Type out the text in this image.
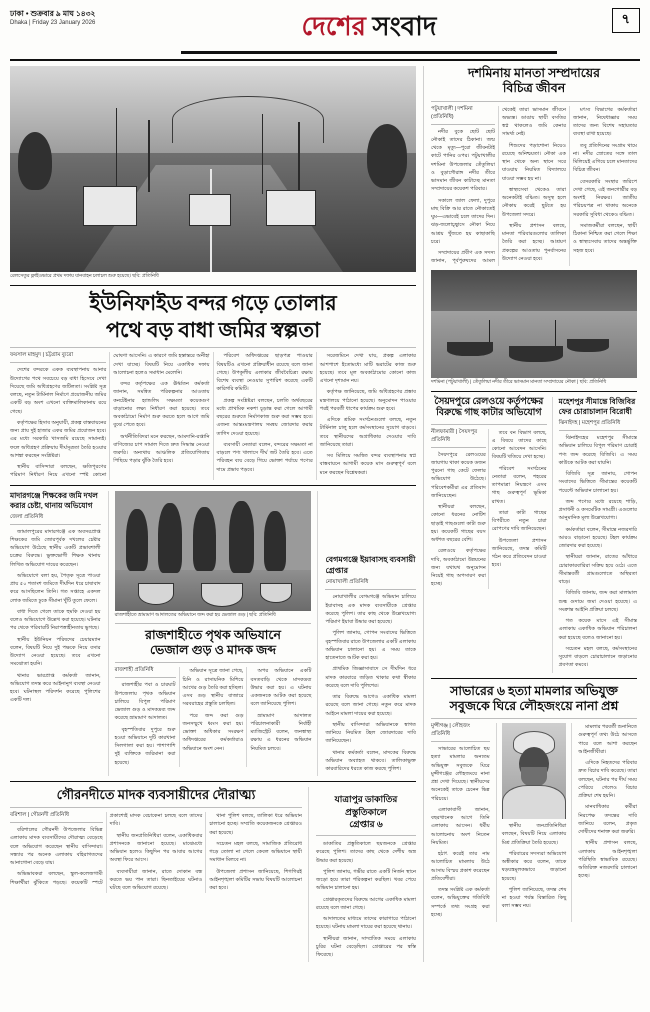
ঢাকা • শুক্রবার ৯ মাঘ ১৪৩২
Dhaka | Friday 23 January 2026	দেশের সংবাদ	৭
রেলসেতুর ফ্লাইওভারে প্রথম দফায় যানবাহন চলাচল শুরু হয়েছে। ছবি: প্রতিনিধি
ইউনিফাইড বন্দর গড়ে তোলার
পথে বড় বাধা জমির স্বল্পতা
ফয়সাল মাহমুদ | চট্টগ্রাম ব্যুরো

দেশের বন্দরকে একক ব্যবস্থাপনায় আনার উদ্যোগের পথে সবচেয়ে বড় বাধা হিসেবে দেখা দিয়েছে জমি অধিগ্রহণের জটিলতা। সংশ্লিষ্ট সূত্র বলছে, নতুন টার্মিনাল নির্মাণে প্রয়োজনীয় জমির একটি বড় অংশ এখনো ব্যক্তিমালিকানায় রয়ে গেছে।

কর্তৃপক্ষের হিসাব অনুযায়ী, প্রকল্প বাস্তবায়নের জন্য প্রায় দুই হাজার একর জমির প্রয়োজন হবে। এর মধ্যে সরকারি খাসজমি রয়েছে সামান্যই। ফলে অধিগ্রহণ প্রক্রিয়ায় দীর্ঘসূত্রতা তৈরি হওয়ার আশঙ্কা করছেন সংশ্লিষ্টরা।

স্থানীয় বাসিন্দারা বলছেন, ক্ষতিপূরণের পরিমাণ নির্ধারণ নিয়ে এখনো স্পষ্ট কোনো ঘোষণা আসেনি। এ কারণে জমি হস্তান্তরে অনীহা দেখা যাচ্ছে। বিষয়টি নিয়ে একাধিক দফায় আলোচনা হলেও সমাধান মেলেনি।

বন্দর কর্তৃপক্ষের এক ঊর্ধ্বতন কর্মকর্তা জানান, সমন্বিত পরিকল্পনার আওতায় কনটেইনার হ্যান্ডলিং সক্ষমতা কয়েকগুণ বাড়ানোর লক্ষ্য নির্ধারণ করা হয়েছে। তবে অবকাঠামো নির্মাণ শুরু করতে হলে আগে জমি বুঝে পেতে হবে।

অর্থনীতিবিদরা মনে করছেন, আমদানি-রপ্তানি বাণিজ্যের চাপ সামাল দিতে দ্রুত সিদ্ধান্ত নেওয়া জরুরি। অন্যথায় আঞ্চলিক প্রতিযোগিতায় পিছিয়ে পড়ার ঝুঁকি তৈরি হবে।

পরিবেশ অধিদপ্তরের ছাড়পত্র পাওয়ার বিষয়টিও এখনো প্রক্রিয়াধীন রয়েছে বলে জানা গেছে। উপকূলীয় এলাকার জীববৈচিত্র্য রক্ষায় বিশেষ ব্যবস্থা নেওয়ার সুপারিশ করেছে একটি কারিগরি কমিটি।

প্রকল্প সংশ্লিষ্টরা বলছেন, চলতি অর্থবছরের মধ্যে প্রাথমিক নকশা চূড়ান্ত করা গেলে আগামী বছরের শুরুতে নির্মাণকাজ শুরু করা সম্ভব হবে। এজন্য আন্তঃমন্ত্রণালয় সমন্বয় জোরদার করার তাগিদ দেওয়া হয়েছে।

ব্যবসায়ী নেতারা বলেন, বন্দরের সক্ষমতা না বাড়লে পণ্য খালাসে দীর্ঘ জট তৈরি হবে। এতে পরিবহন ব্যয় বেড়ে গিয়ে ভোক্তা পর্যায়ে পণ্যের দামে প্রভাব পড়বে।

সরেজমিনে দেখা যায়, প্রকল্প এলাকার আশপাশে ইতোমধ্যে মাটি ভরাটের কাজ শুরু হয়েছে। তবে মূল অবকাঠামোর কোনো কাজ এখনো দৃশ্যমান নয়।

কর্তৃপক্ষ জানিয়েছে, জমি অধিগ্রহণের প্রস্তাব মন্ত্রণালয়ে পাঠানো হয়েছে। অনুমোদন পাওয়ার পরই পরবর্তী ধাপের কার্যক্রম শুরু হবে।

এদিকে শ্রমিক সংগঠনগুলো বলছে, নতুন টার্মিনাল চালু হলে কর্মসংস্থানের সুযোগ বাড়বে। তবে স্থানীয়দের অগ্রাধিকার দেওয়ার দাবি জানিয়েছে তারা।

সব মিলিয়ে সমন্বিত বন্দর ব্যবস্থাপনার স্বপ্ন বাস্তবায়নে আগামী কয়েক মাস গুরুত্বপূর্ণ বলে মনে করছেন বিশ্লেষকরা।

মাদারগঞ্জে শিক্ষকের জমি দখল করার চেষ্টা, থানায় অভিযোগ
জেলা প্রতিনিধি

জামালপুরের মাদারগঞ্জে এক অবসরপ্রাপ্ত শিক্ষকের জমি জোরপূর্বক দখলের চেষ্টার অভিযোগ উঠেছে স্থানীয় একটি প্রভাবশালী চক্রের বিরুদ্ধে। ভুক্তভোগী শিক্ষক থানায় লিখিত অভিযোগ দায়ের করেছেন।

অভিযোগে বলা হয়, পৈতৃক সূত্রে পাওয়া প্রায় ৫০ শতাংশ জমিতে দীর্ঘদিন ধরে চাষাবাদ করে আসছিলেন তিনি। গত সপ্তাহে একদল লোক জমিতে ঢুকে সীমানা খুঁটি তুলে ফেলে।

বাধা দিতে গেলে তাকে হুমকি দেওয়া হয় বলেও অভিযোগে উল্লেখ করা হয়েছে। ঘটনার পর থেকে পরিবারটি নিরাপত্তাহীনতায় ভুগছে।

স্থানীয় ইউনিয়ন পরিষদের চেয়ারম্যান বলেন, বিষয়টি নিয়ে দুই পক্ষকে নিয়ে বসার উদ্যোগ নেওয়া হয়েছে। তবে এখনো সমঝোতা হয়নি।

থানার ভারপ্রাপ্ত কর্মকর্তা জানান, অভিযোগ তদন্ত করে আইনানুগ ব্যবস্থা নেওয়া হবে। ঘটনাস্থল পরিদর্শন করেছে পুলিশের একটি দল।

রাজশাহীতে ভ্রাম্যমাণ আদালতের অভিযানে জব্দ করা হয় ভেজাল গুড় | ছবি: প্রতিনিধি
রাজশাহীতে পৃথক অভিযানে
ভেজাল গুড় ও মাদক জব্দ
রাজশাহী প্রতিনিধি

রাজশাহীর পবা ও চারঘাট উপজেলায় পৃথক অভিযান চালিয়ে বিপুল পরিমাণ ভেজাল গুড় ও মাদকদ্রব্য জব্দ করেছে ভ্রাম্যমাণ আদালত।

বৃহস্পতিবার দুপুরে শুরু হওয়া অভিযানে দুটি কারখানা সিলগালা করা হয়। পাশাপাশি দুই ব্যক্তিকে জরিমানা করা হয়েছে।

অভিযান সূত্রে জানা গেছে, চিনি ও রাসায়নিক মিশিয়ে আখের গুড় তৈরি করা হচ্ছিল। এসব গুড় স্থানীয় বাজারে সরবরাহের প্রস্তুতি চলছিল।

পরে জব্দ করা গুড় জনসম্মুখে ধ্বংস করা হয়। ভোক্তা অধিকার সংরক্ষণ অধিদপ্তরের কর্মকর্তারাও অভিযানে অংশ নেন।

অপর অভিযানে একটি বসতবাড়ি থেকে মাদকদ্রব্য উদ্ধার করা হয়। এ ঘটনায় একজনকে আটক করা হয়েছে বলে জানিয়েছে পুলিশ।

ভ্রাম্যমাণ আদালত পরিচালনাকারী নির্বাহী ম্যাজিস্ট্রেট বলেন, জনস্বাস্থ্য রক্ষায় এ ধরনের অভিযান নিয়মিত চলবে।

বেগমগঞ্জে ইয়াবাসহ ব্যবসায়ী গ্রেপ্তার
নোয়াখালী প্রতিনিধি

নোয়াখালীর বেগমগঞ্জে অভিযান চালিয়ে ইয়াবাসহ এক মাদক ব্যবসায়ীকে গ্রেপ্তার করেছে পুলিশ। তার কাছ থেকে উল্লেখযোগ্য পরিমাণ ইয়াবা উদ্ধার করা হয়েছে।

পুলিশ জানায়, গোপন সংবাদের ভিত্তিতে বৃহস্পতিবার রাতে উপজেলার একটি এলাকায় অভিযান চালানো হয়। এ সময় তাকে হাতেনাতে আটক করা হয়।

প্রাথমিক জিজ্ঞাসাবাদে সে দীর্ঘদিন ধরে মাদক কারবারে জড়িত থাকার কথা স্বীকার করেছে বলে দাবি পুলিশের।

তার বিরুদ্ধে আগেও একাধিক মামলা রয়েছে বলে জানা গেছে। নতুন করে মাদক আইনে মামলা দায়ের করা হয়েছে।

স্থানীয় বাসিন্দারা অভিযানকে স্বাগত জানিয়ে নিয়মিত টহল জোরদারের দাবি জানিয়েছেন।

থানার কর্মকর্তা বলেন, মাদকের বিরুদ্ধে অভিযান অব্যাহত থাকবে। তালিকাভুক্ত কারবারিদের ধরতে কাজ করছে পুলিশ।

গৌরনদীতে মাদক ব্যবসায়ীদের দৌরাত্ম্য
বরিশাল | গৌরনদী প্রতিনিধি

বরিশালের গৌরনদী উপজেলার বিভিন্ন এলাকায় মাদক ব্যবসায়ীদের দৌরাত্ম্য বেড়েছে বলে অভিযোগ করেছেন স্থানীয় বাসিন্দারা। সন্ধ্যার পর অনেক এলাকায় বহিরাগতদের আনাগোনা বেড়ে যায়।

অভিভাবকরা বলছেন, স্কুল-কলেজগামী শিক্ষার্থীরা ঝুঁকিতে পড়ছে। কয়েকটি স্পটে প্রকাশ্যেই মাদক বেচাকেনা চলছে বলে তাদের দাবি।

স্থানীয় জনপ্রতিনিধিরা বলেন, একাধিকবার প্রশাসনকে জানানো হয়েছে। মাঝেমধ্যে অভিযান হলেও কিছুদিন পর আবার আগের অবস্থা ফিরে আসে।

ব্যবসায়ীরা জানান, রাতে দোকান বন্ধ করতে ভয় পান তারা। ছিনতাইয়ের ঘটনাও ঘটছে বলে অভিযোগ রয়েছে।

থানা পুলিশ বলছে, তালিকা ধরে অভিযান চালানো হচ্ছে। সম্প্রতি কয়েকজনকে গ্রেপ্তারও করা হয়েছে।

সচেতন মহল বলছে, সামাজিক প্রতিরোধ গড়ে তোলা না গেলে কেবল অভিযানে স্থায়ী সমাধান মিলবে না।

উপজেলা প্রশাসন জানিয়েছে, শিগগিরই আইনশৃঙ্খলা কমিটির সভায় বিষয়টি আলোচনা করা হবে।

যাত্রাপুর ডাকাতির
প্রস্তুতিকালে
গ্রেপ্তার ৬

ডাকাতির প্রস্তুতিকালে ছয়জনকে গ্রেপ্তার করেছে পুলিশ। তাদের কাছ থেকে দেশীয় অস্ত্র উদ্ধার করা হয়েছে।

পুলিশ জানায়, গভীর রাতে একটি নির্জন স্থানে জড়ো হয়ে তারা পরিকল্পনা করছিল। খবর পেয়ে অভিযান চালানো হয়।

গ্রেপ্তারকৃতদের বিরুদ্ধে আগের একাধিক মামলা রয়েছে বলে জানা গেছে।

আদালতের মাধ্যমে তাদের কারাগারে পাঠানো হয়েছে। ঘটনায় মামলা দায়ের করা হয়েছে থানায়।

স্থানীয়রা জানান, সাম্প্রতিক সময়ে এলাকায় চুরির ঘটনা বেড়েছিল। গ্রেপ্তারের পর স্বস্তি ফিরেছে।

দশমিনায় মানতা সম্প্রদায়ের
বিচিত্র জীবন
পটুয়াখালী | দশমিনা (প্রতিনিধি)

নদীর বুকে ছোট ছোট নৌকাই তাদের ঠিকানা। জন্ম থেকে মৃত্যু—পুরো জীবনটাই কাটে পানির ওপর। পটুয়াখালীর দশমিনা উপজেলার তেঁতুলিয়া ও বুড়াগৌরাঙ্গ নদীর তীরে ভাসমান জীবন কাটাচ্ছে মানতা সম্প্রদায়ের কয়েকশ পরিবার।

সকালে জাল ফেলা, দুপুরে মাছ বিক্রি আর রাতে নৌকাতেই ঘুম—এভাবেই চলে তাদের দিন। ঝড়-জলোচ্ছ্বাসে নৌকা নিয়ে আশ্রয় খুঁজতে হয় কাছাকাছি চরে।

সম্প্রদায়ের প্রবীণ এক সদস্য জানান, পূর্বপুরুষদের আমল থেকেই তারা ভাসমান জীবনে অভ্যস্ত। ডাঙায় স্থায়ী বসতির স্বপ্ন থাকলেও জমি কেনার সামর্থ্য নেই।

শিশুদের পড়াশোনা নিয়েও রয়েছে অনিশ্চয়তা। নৌকা এক স্থান থেকে অন্য স্থানে সরে যাওয়ায় নিয়মিত বিদ্যালয়ে যাওয়া সম্ভব হয় না।

স্বাস্থ্যসেবা থেকেও তারা অনেকটাই বঞ্চিত। অসুস্থ হলে নৌকায় করেই ছুটতে হয় উপজেলা সদরে।

স্থানীয় প্রশাসন বলছে, মানতা পরিবারগুলোর তালিকা তৈরি করা হচ্ছে। আশ্রয়ণ প্রকল্পের আওতায় পুনর্বাসনের উদ্যোগ নেওয়া হবে।

মৎস্য বিভাগের কর্মকর্তারা জানান, নিষেধাজ্ঞার সময় তাদের জন্য বিশেষ সহায়তার ব্যবস্থা রাখা হয়েছে।

তবু প্রতিদিনের সংগ্রাম থামে না। নদীর স্রোতের সঙ্গে তাল মিলিয়েই এগিয়ে চলে মানতাদের বিচিত্র জীবন।

বেসরকারি সংস্থার জরিপে দেখা গেছে, এই জনগোষ্ঠীর বড় অংশই নিরক্ষর। জাতীয় পরিচয়পত্র না থাকায় অনেকে সরকারি সুবিধা থেকেও বঞ্চিত।

সমাজকর্মীরা বলছেন, স্থায়ী ঠিকানা নিশ্চিত করা গেলে শিক্ষা ও স্বাস্থ্যসেবায় তাদের অন্তর্ভুক্তি সহজ হবে।

দশমিনা (পটুয়াখালী) | তেঁতুলিয়া নদীর তীরে ভাসমান মানতা সম্প্রদায়ের নৌকা | ছবি: প্রতিনিধি
সৈয়দপুরে রেলওয়ে কর্তৃপক্ষের
বিরুদ্ধে গাছ কাটার অভিযোগ
নীলফামারী | সৈয়দপুর প্রতিনিধি

সৈয়দপুরে রেলওয়ের জায়গায় থাকা কয়েক ডজন পুরনো গাছ কেটে ফেলার অভিযোগ উঠেছে। পরিবেশকর্মীরা এর প্রতিবাদ জানিয়েছেন।

স্থানীয়রা বলছেন, কোনো ধরনের নোটিশ ছাড়াই গাছগুলো কাটা শুরু হয়। কয়েকটি গাছের বয়স অর্ধশত বছরের বেশি।

রেলওয়ে কর্তৃপক্ষের দাবি, অবকাঠামো উন্নয়নের জন্য যথাযথ অনুমোদন নিয়েই গাছ অপসারণ করা হচ্ছে।

তবে বন বিভাগ বলছে, এ বিষয়ে তাদের কাছে কোনো আবেদন আসেনি। বিষয়টি খতিয়ে দেখা হচ্ছে।

পরিবেশ সংগঠনের নেতারা বলেন, শহরের তাপমাত্রা নিয়ন্ত্রণে এসব গাছ গুরুত্বপূর্ণ ভূমিকা রাখত।

তারা কাটা গাছের বিপরীতে নতুন চারা রোপণের দাবি জানিয়েছেন।

উপজেলা প্রশাসন জানিয়েছে, তদন্ত কমিটি গঠন করে প্রতিবেদন চাওয়া হবে।

মহেশপুর সীমান্তে বিজিবির
ফের চোরাচালান বিরোধী
ঝিনাইদহ | মহেশপুর প্রতিনিধি

ঝিনাইদহের মহেশপুর সীমান্তে অভিযান চালিয়ে বিপুল পরিমাণ চোরাই পণ্য জব্দ করেছে বিজিবি। এ সময় কাউকে আটক করা যায়নি।

বিজিবি সূত্র জানায়, গোপন সংবাদের ভিত্তিতে সীমান্তের কয়েকটি পয়েন্টে অভিযান চালানো হয়।

জব্দ পণ্যের মধ্যে রয়েছে শাড়ি, প্রসাধনী ও কসমেটিক সামগ্রী। এগুলোর আনুমানিক মূল্য উল্লেখযোগ্য।

কর্মকর্তারা বলেন, সীমান্তে নজরদারি আরও বাড়ানো হয়েছে। টহল কার্যক্রম জোরদার করা হয়েছে।

স্থানীয়রা জানান, রাতের আঁধারে চোরাকারবারিরা সক্রিয় হয়ে ওঠে। এতে সীমান্তবর্তী গ্রামগুলোতে অস্থিরতা বাড়ে।

বিজিবি জানায়, জব্দ করা মালামাল শুল্ক গুদামে জমা দেওয়া হয়েছে। এ সংক্রান্ত আইনি প্রক্রিয়া চলছে।

গত কয়েক মাসে এই সীমান্ত এলাকায় একাধিক অভিযান পরিচালনা করা হয়েছে বলেও জানানো হয়।

সচেতন মহল বলছে, কর্মসংস্থানের সুযোগ বাড়লে চোরাচালানে জড়ানোর প্রবণতা কমবে।

সাভারের ৬ হত্যা মামলার অভিযুক্ত
সবুজকে ঘিরে লৌহজংয়ে নানা প্রশ্ন
মুন্সীগঞ্জ | লৌহজং প্রতিনিধি

সাভারের আলোচিত ছয় হত্যা মামলার অন্যতম অভিযুক্ত সবুজকে ঘিরে মুন্সীগঞ্জের লৌহজংয়ে নানা প্রশ্ন দেখা দিয়েছে। স্থানীয়দের অনেকেই তাকে চেনেন ভিন্ন পরিচয়ে।

এলাকাবাসী জানান, বছরখানেক আগে তিনি এলাকায় আসেন। ধর্মীয় আলোচনায় অংশ নিতেন নিয়মিত।

হঠাৎ করেই তার নাম আলোচিত মামলায় উঠে আসায় বিস্ময় প্রকাশ করেছেন প্রতিবেশীরা।

তদন্ত সংশ্লিষ্ট এক কর্মকর্তা বলেন, অভিযুক্তের গতিবিধি সম্পর্কে তথ্য সংগ্রহ করা হচ্ছে।

স্থানীয় জনপ্রতিনিধিরা বলছেন, বিষয়টি নিয়ে এলাকায় মিশ্র প্রতিক্রিয়া তৈরি হয়েছে।

পরিবারের সদস্যরা অভিযোগ অস্বীকার করে বলেন, তাকে ষড়যন্ত্রমূলকভাবে জড়ানো হয়েছে।

পুলিশ জানিয়েছে, তদন্ত শেষ না হওয়া পর্যন্ত বিস্তারিত কিছু বলা সম্ভব নয়।

মামলার পরবর্তী শুনানিতে গুরুত্বপূর্ণ তথ্য উঠে আসতে পারে বলে আশা করছেন আইনজীবীরা।

এদিকে নিহতদের পরিবার দ্রুত বিচার দাবি করেছে। তারা বলছেন, ঘটনার পর দীর্ঘ সময় পেরিয়ে গেলেও বিচার প্রক্রিয়া শেষ হয়নি।

মানবাধিকার কর্মীরা নিরপেক্ষ তদন্তের দাবি জানিয়ে বলেন, প্রকৃত দোষীদের শনাক্ত করা জরুরি।

স্থানীয় প্রশাসন বলছে, এলাকায় আইনশৃঙ্খলা পরিস্থিতি স্বাভাবিক রয়েছে। অতিরিক্ত নজরদারি চালানো হচ্ছে।
